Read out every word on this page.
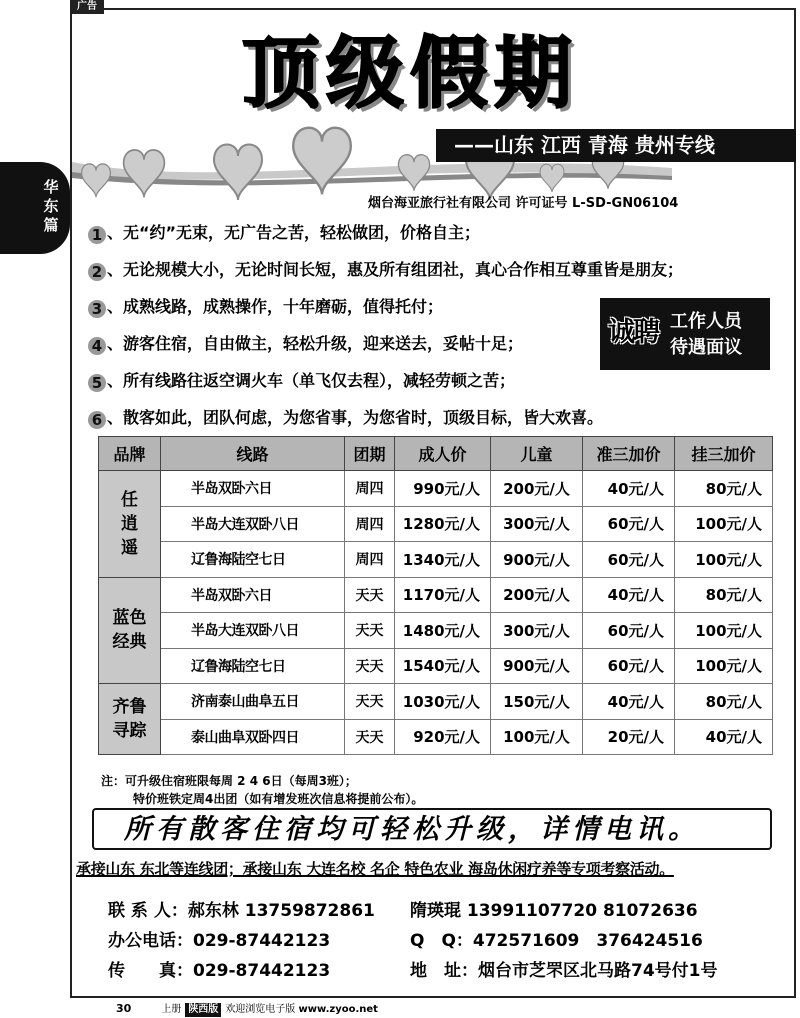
广告
华东篇
顶级假期
——山东 江西 青海 贵州专线
烟台海亚旅行社有限公司 许可证号 L-SD-GN06104
1 、无“约”无束，无广告之苦，轻松做团，价格自主；
2 、无论规模大小，无论时间长短，惠及所有组团社，真心合作相互尊重皆是朋友；
3 、成熟线路，成熟操作，十年磨砺，值得托付；
4 、游客住宿，自由做主，轻松升级，迎来送去，妥帖十足；
5 、所有线路往返空调火车（单飞仅去程），减轻劳顿之苦；
6 、散客如此，团队何虑，为您省事，为您省时，顶级目标，皆大欢喜。
诚聘 工作人员
待遇面议
品牌	线路	团期	成人价	儿童	准三加价	挂三加价
任逍遥	半岛双卧六日	周四	990元/人	200元/人	40元/人	80元/人
	半岛大连双卧八日	周四	1280元/人	300元/人	60元/人	100元/人
	辽鲁海陆空七日	周四	1340元/人	900元/人	60元/人	100元/人
蓝色经典	半岛双卧六日	天天	1170元/人	200元/人	40元/人	80元/人
	半岛大连双卧八日	天天	1480元/人	300元/人	60元/人	100元/人
	辽鲁海陆空七日	天天	1540元/人	900元/人	60元/人	100元/人
齐鲁寻踪	济南泰山曲阜五日	天天	1030元/人	150元/人	40元/人	80元/人
	泰山曲阜双卧四日	天天	920元/人	100元/人	20元/人	40元/人
注：可升级住宿班限每周 2 4 6日（每周3班）；
特价班铁定周4出团（如有增发班次信息将提前公布）。
所有散客住宿均可轻松升级，详情电讯。
承接山东 东北等连线团；承接山东 大连名校 名企 特色农业 海岛休闲疗养等专项考察活动。
联 系 人：郝东林 13759872861 隋瑛琨 13991107720 81072636
办公电话：029-87442123	Q　Q：472571609　376424516
传　　真：029-87442123	地　址：烟台市芝罘区北马路74号付1号
30	上册 陕西版 欢迎浏览电子版 www.zyoo.net
